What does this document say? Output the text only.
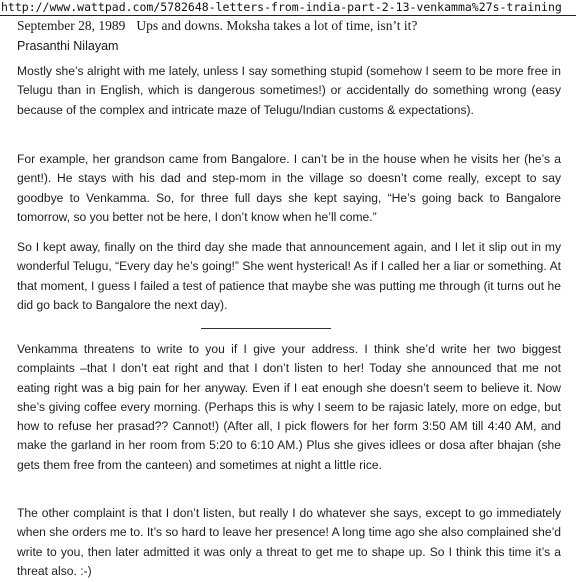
http://www.wattpad.com/5782648-letters-from-india-part-2-13-venkamma%27s-training
September 28, 1989 Ups and downs. Moksha takes a lot of time, isn’t it?
Prasanthi Nilayam

Mostly she’s alright with me lately, unless I say something stupid (somehow I seem to be more free in Telugu than in English, which is dangerous sometimes!) or accidentally do something wrong (easy because of the complex and intricate maze of Telugu/Indian customs & expectations).

For example, her grandson came from Bangalore. I can’t be in the house when he visits her (he’s a gent!). He stays with his dad and step-mom in the village so doesn’t come really, except to say goodbye to Venkamma. So, for three full days she kept saying, “He’s going back to Bangalore tomorrow, so you better not be here, I don’t know when he’ll come.”

So I kept away, finally on the third day she made that announcement again, and I let it slip out in my wonderful Telugu, “Every day he’s going!” She went hysterical! As if I called her a liar or something. At that moment, I guess I failed a test of patience that maybe she was putting me through (it turns out he did go back to Bangalore the next day).

Venkamma threatens to write to you if I give your address. I think she’d write her two biggest complaints –that I don’t eat right and that I don’t listen to her! Today she announced that me not eating right was a big pain for her anyway. Even if I eat enough she doesn’t seem to believe it. Now she’s giving coffee every morning. (Perhaps this is why I seem to be rajasic lately, more on edge, but how to refuse her prasad?? Cannot!) (After all, I pick flowers for her form 3:50 AM till 4:40 AM, and make the garland in her room from 5:20 to 6:10 AM.) Plus she gives idlees or dosa after bhajan (she gets them free from the canteen) and sometimes at night a little rice.

The other complaint is that I don’t listen, but really I do whatever she says, except to go immediately when she orders me to. It’s so hard to leave her presence! A long time ago she also complained she’d write to you, then later admitted it was only a threat to get me to shape up. So I think this time it’s a threat also. :-)
